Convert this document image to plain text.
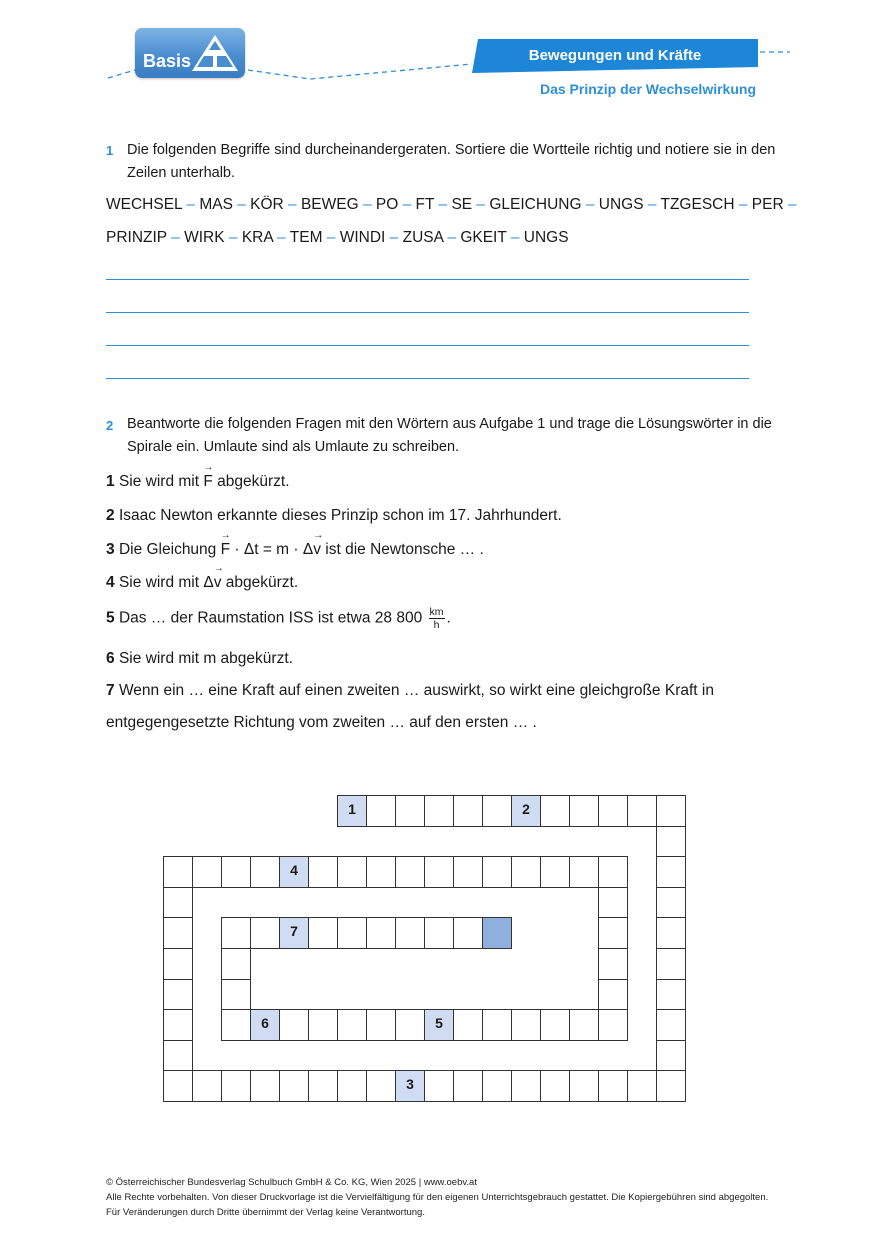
Basis	Bewegungen und Kräfte
Das Prinzip der Wechselwirkung
1 Die folgenden Begriffe sind durcheinandergeraten. Sortiere die Wortteile richtig und notiere sie in den Zeilen unterhalb.
WECHSEL – MAS – KÖR – BEWEG – PO – FT – SE – GLEICHUNG – UNGS – TZGESCH – PER –
PRINZIP – WIRK – KRA – TEM – WINDI – ZUSA – GKEIT – UNGS
2 Beantworte die folgenden Fragen mit den Wörtern aus Aufgabe 1 und trage die Lösungswörter in die Spirale ein. Umlaute sind als Umlaute zu schreiben.
1 Sie wird mit → F abgekürzt.
2 Isaac Newton erkannte dieses Prinzip schon im 17. Jahrhundert.
3 Die Gleichung → F · Δt = m · Δ→ v ist die Newtonsche … .
4 Sie wird mit Δ→ v abgekürzt.
5 Das … der Raumstation ISS ist etwa 28 $800 \frac{km}{h}$ .
6 Sie wird mit m abgekürzt.
7 Wenn ein … eine Kraft auf einen zweiten … auswirkt, so wirkt eine gleichgroße Kraft in
entgegengesetzte Richtung vom zweiten … auf den ersten … .
1	2
3
4
6	5
7
© Österreichischer Bundesverlag Schulbuch GmbH & Co. KG, Wien 2025 | www.oebv.at
Alle Rechte vorbehalten. Von dieser Druckvorlage ist die Vervielfältigung für den eigenen Unterrichtsgebrauch gestattet. Die Kopiergebühren sind abgegolten.
Für Veränderungen durch Dritte übernimmt der Verlag keine Verantwortung.
